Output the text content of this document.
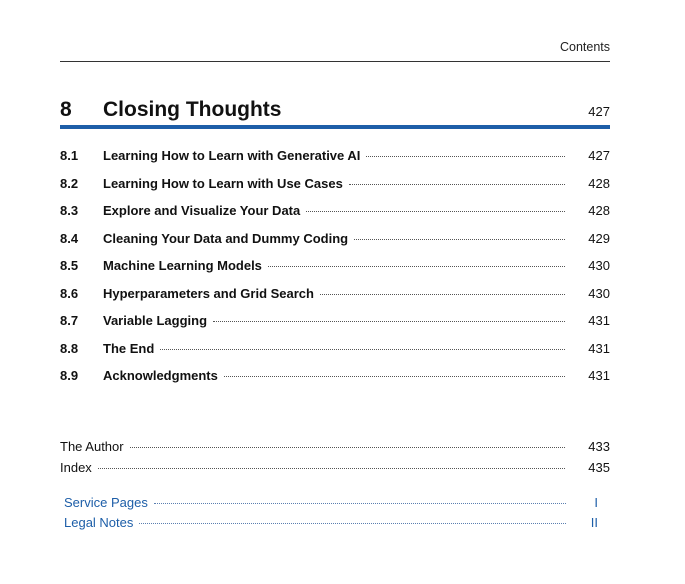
Contents
8	Closing Thoughts	427
8.1	Learning How to Learn with Generative AI	427
8.2	Learning How to Learn with Use Cases	428
8.3	Explore and Visualize Your Data	428
8.4	Cleaning Your Data and Dummy Coding	429
8.5	Machine Learning Models	430
8.6	Hyperparameters and Grid Search	430
8.7	Variable Lagging	431
8.8	The End	431
8.9	Acknowledgments	431
The Author	433
Index	435
Service Pages	I
Legal Notes	II
